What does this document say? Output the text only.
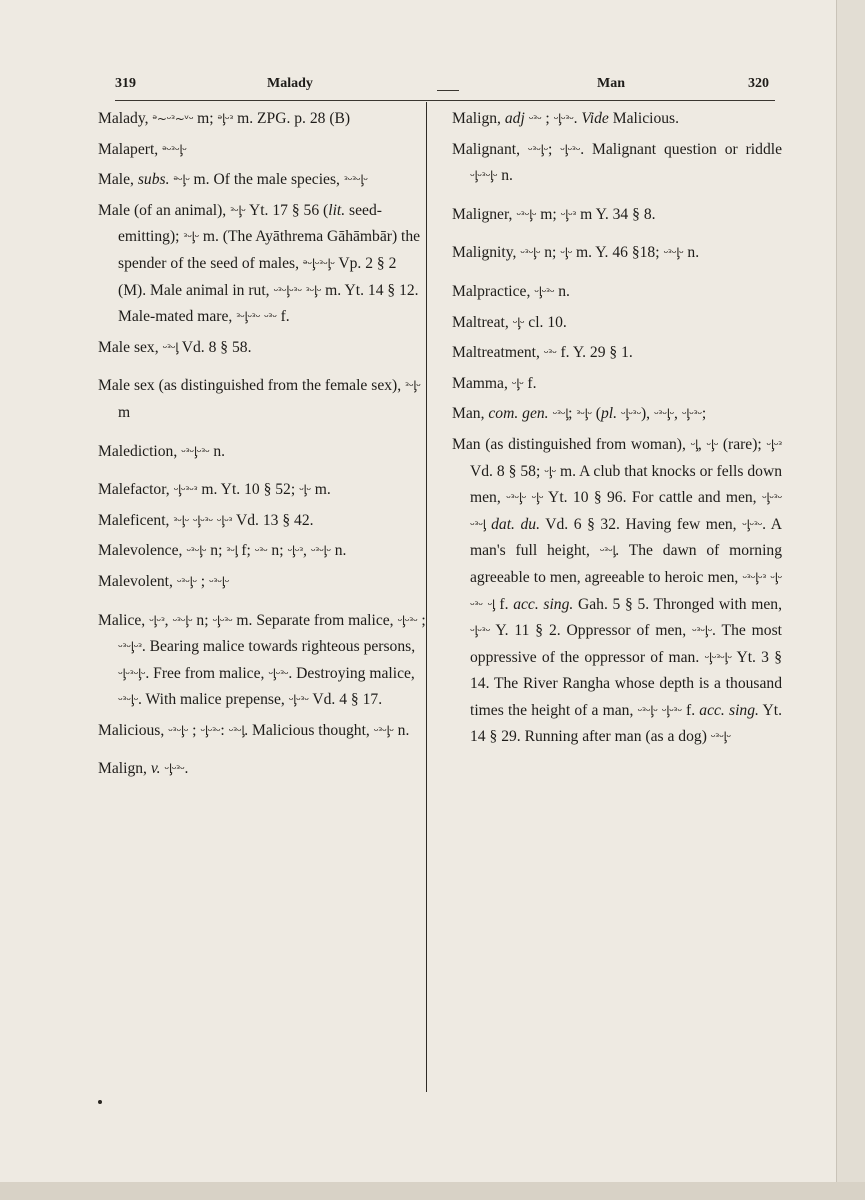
319	Malady	Man	320
Malady, ᵊ~ᵕᵌ~ᵛᵕ m; ᵊᶅᵕᵌ m. ZPG. p. 28 (B)
Malapert, ᵊᵕᵌᵕᶅᵕ
Male, subs. ᵊᵕᶅᵕ m. Of the male species, ᵌᵕᵌᵕᶅᵕ
Male (of an animal), ᵌᵕᶅᵕ Yt. 17 § 56 (lit. seed-emitting); ᵌᵕᶅᵕ m. (The Ayāthrema Gāhāmbār) the spender of the seed of males, ᵊᵕᶅᵕᵌᵕᶅᵕ Vp. 2 § 2 (M). Male animal in rut, ᵕᵌᵕᶅᵕᵌᵕ ᵌᵕᶅᵕ m. Yt. 14 § 12. Male-mated mare, ᵌᵕᶅᵕᵌᵕ ᵕᵌᵕ f.
Male sex, ᵕᵌᵕᶅ Vd. 8 § 58.
Male sex (as distinguished from the female sex), ᵌᵕᶅᵕ m
Malediction, ᵕᵌᵕᶅᵕᵌᵕ n.
Malefactor, ᵕᶅᵕᵌᵕᵌ m. Yt. 10 § 52; ᵕᶅᵕ m.
Maleficent, ᵌᵕᶅᵕ ᵕᶅᵕᵌᵕ ᵕᶅᵕᵌ Vd. 13 § 42.
Malevolence, ᵕᵌᵕᶅᵕ n; ᵌᵕᶅ f; ᵕᵌᵕ n; ᵕᶅᵕᵌ, ᵕᵌᵕᶅᵕ n.
Malevolent, ᵕᵌᵕᶅᵕ ; ᵕᵌᵕᶅᵕ
Malice, ᵕᶅᵕᵌ, ᵕᵌᵕᶅᵕ n; ᵕᶅᵕᵌᵕ m. Separate from malice, ᵕᶅᵕᵌᵕ ; ᵕᵌᵕᶅᵕᵌ. Bearing malice towards righteous persons, ᵕᶅᵕᵌᵕᶅᵕ. Free from malice, ᵕᶅᵕᵌᵕ. Destroying malice, ᵕᵌᵕᶅᵕ. With malice prepense, ᵕᶅᵕᵌᵕ Vd. 4 § 17.
Malicious, ᵕᵌᵕᶅᵕ ; ᵕᶅᵕᵌᵕ: ᵕᵌᵕᶅ. Malicious thought, ᵕᵌᵕᶅᵕ n.
Malign, v. ᵕᶅᵕᵌᵕ.
Malign, adj ᵕᵌᵕ ; ᵕᶅᵕᵌᵕ. Vide Malicious.
Malignant, ᵕᵌᵕᶅᵕ; ᵕᶅᵕᵌᵕ. Malignant question or riddle ᵕᶅᵕᵌᵕᶅᵕ n.
Maligner, ᵕᵌᵕᶅᵕ m; ᵕᶅᵕᵌ m Y. 34 § 8.
Malignity, ᵕᵌᵕᶅᵕ n; ᵕᶅᵕ m. Y. 46 §18; ᵕᵌᵕᶅᵕ n.
Malpractice, ᵕᶅᵕᵌᵕ n.
Maltreat, ᵕᶅᵕ cl. 10.
Maltreatment, ᵕᵌᵕ f. Y. 29 § 1.
Mamma, ᵕᶅᵕ f.
Man, com. gen. ᵕᵌᵕᶅ; ᵌᵕᶅᵕ (pl. ᵕᶅᵕᵌᵕ), ᵕᵌᵕᶅᵕ, ᵕᶅᵕᵌᵕ;
Man (as distinguished from woman), ᵕᶅ, ᵕᶅᵕ (rare); ᵕᶅᵕᵌ Vd. 8 § 58; ᵕᶅᵕ m. A club that knocks or fells down men, ᵕᵌᵕᶅᵕ ᵕᶅᵕ Yt. 10 § 96. For cattle and men, ᵕᶅᵕᵌᵕ ᵕᵌᵕᶅ dat. du. Vd. 6 § 32. Having few men, ᵕᶅᵕᵌᵕ. A man's full height, ᵕᵌᵕᶅ. The dawn of morning agreeable to men, agreeable to heroic men, ᵕᵌᵕᶅᵕᵌ ᵕᶅᵕ ᵕᵌᵕ ᵕᶅ f. acc. sing. Gah. 5 § 5. Thronged with men, ᵕᶅᵕᵌᵕ Y. 11 § 2. Oppressor of men, ᵕᵌᵕᶅᵕ. The most oppressive of the oppressor of man. ᵕᶅᵕᵌᵕᶅᵕ Yt. 3 § 14. The River Rangha whose depth is a thousand times the height of a man, ᵕᵌᵕᶅᵕ ᵕᶅᵕᵌᵕ f. acc. sing. Yt. 14 § 29. Running after man (as a dog) ᵕᵌᵕᶅᵕ
